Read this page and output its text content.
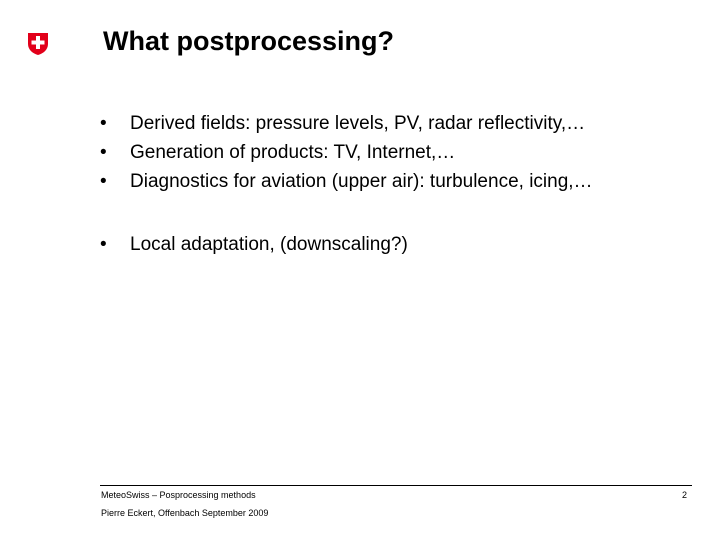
What postprocessing?
• Derived fields: pressure levels, PV, radar reflectivity,…
• Generation of products: TV, Internet,…
• Diagnostics for aviation (upper air): turbulence, icing,…
• Local adaptation, (downscaling?)
MeteoSwiss – Posprocessing methods
Pierre Eckert, Offenbach September 2009
2
